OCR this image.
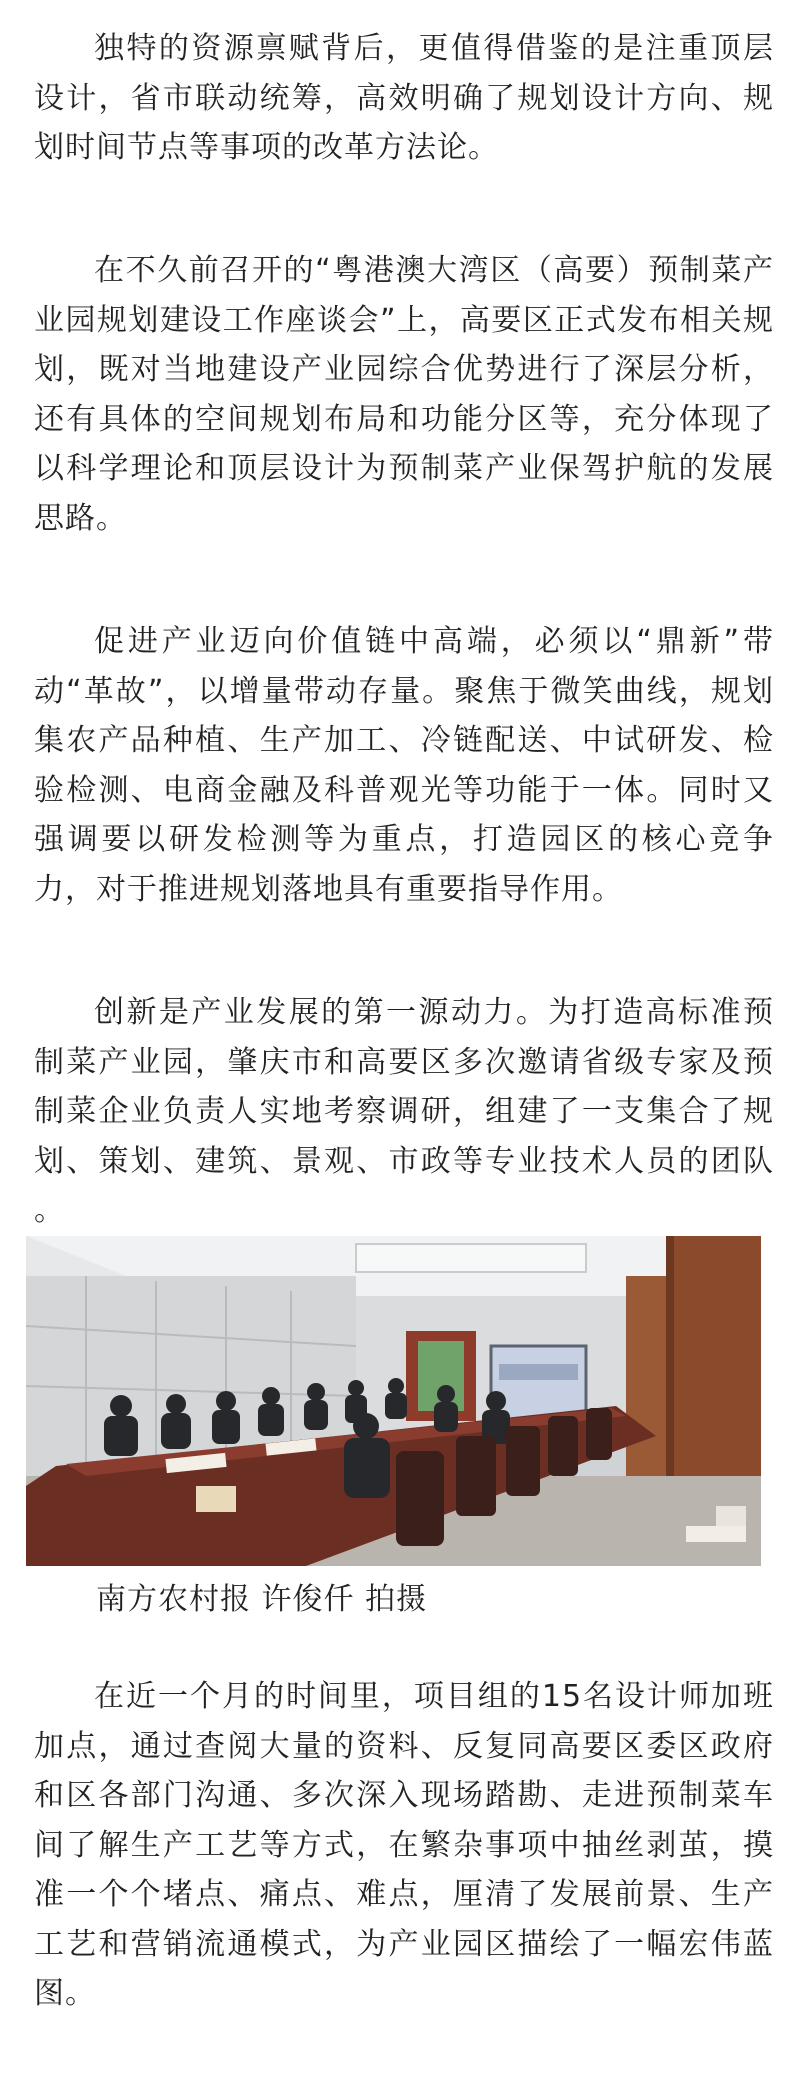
独特的资源禀赋背后，更值得借鉴的是注重顶层设计，省市联动统筹，高效明确了规划设计方向、规划时间节点等事项的改革方法论。

在不久前召开的“粤港澳大湾区（高要）预制菜产业园规划建设工作座谈会”上，高要区正式发布相关规划，既对当地建设产业园综合优势进行了深层分析，还有具体的空间规划布局和功能分区等，充分体现了以科学理论和顶层设计为预制菜产业保驾护航的发展思路。

促进产业迈向价值链中高端，必须以“鼎新”带动“革故”，以增量带动存量。聚焦于微笑曲线，规划集农产品种植、生产加工、冷链配送、中试研发、检验检测、电商金融及科普观光等功能于一体。同时又强调要以研发检测等为重点，打造园区的核心竞争力，对于推进规划落地具有重要指导作用。

创新是产业发展的第一源动力。为打造高标准预制菜产业园，肇庆市和高要区多次邀请省级专家及预制菜企业负责人实地考察调研，组建了一支集合了规划、策划、建筑、景观、市政等专业技术人员的团队 。

南方农村报 许俊仟 拍摄

在近一个月的时间里，项目组的15名设计师加班加点，通过查阅大量的资料、反复同高要区委区政府和区各部门沟通、多次深入现场踏勘、走进预制菜车间了解生产工艺等方式，在繁杂事项中抽丝剥茧，摸准一个个堵点、痛点、难点，厘清了发展前景、生产工艺和营销流通模式，为产业园区描绘了一幅宏伟蓝图。
